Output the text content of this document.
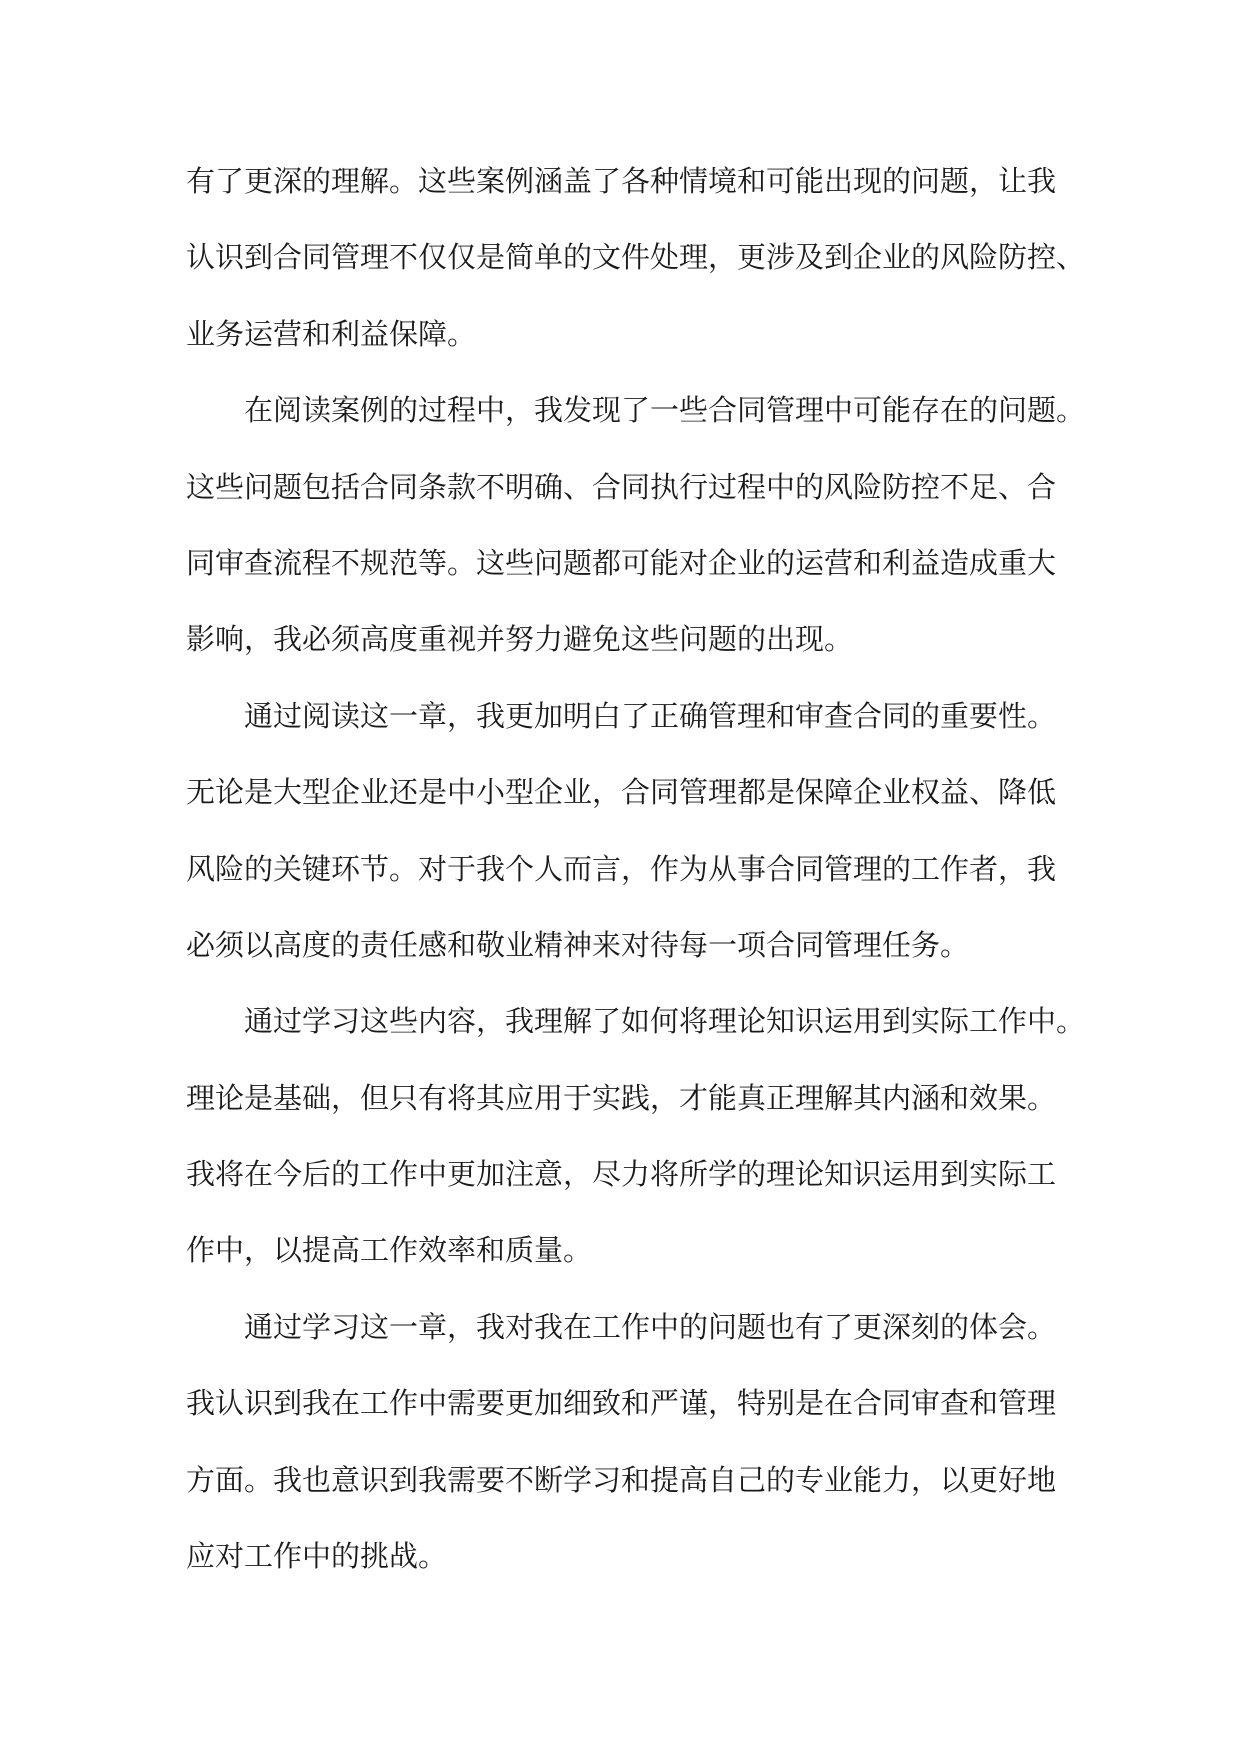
有了更深的理解。这些案例涵盖了各种情境和可能出现的问题，让我
认识到合同管理不仅仅是简单的文件处理，更涉及到企业的风险防控、
业务运营和利益保障。

在阅读案例的过程中，我发现了一些合同管理中可能存在的问题。
这些问题包括合同条款不明确、合同执行过程中的风险防控不足、合
同审查流程不规范等。这些问题都可能对企业的运营和利益造成重大
影响，我必须高度重视并努力避免这些问题的出现。

通过阅读这一章，我更加明白了正确管理和审查合同的重要性。
无论是大型企业还是中小型企业，合同管理都是保障企业权益、降低
风险的关键环节。对于我个人而言，作为从事合同管理的工作者，我
必须以高度的责任感和敬业精神来对待每一项合同管理任务。

通过学习这些内容，我理解了如何将理论知识运用到实际工作中。
理论是基础，但只有将其应用于实践，才能真正理解其内涵和效果。
我将在今后的工作中更加注意，尽力将所学的理论知识运用到实际工
作中，以提高工作效率和质量。

通过学习这一章，我对我在工作中的问题也有了更深刻的体会。
我认识到我在工作中需要更加细致和严谨，特别是在合同审查和管理
方面。我也意识到我需要不断学习和提高自己的专业能力，以更好地
应对工作中的挑战。
